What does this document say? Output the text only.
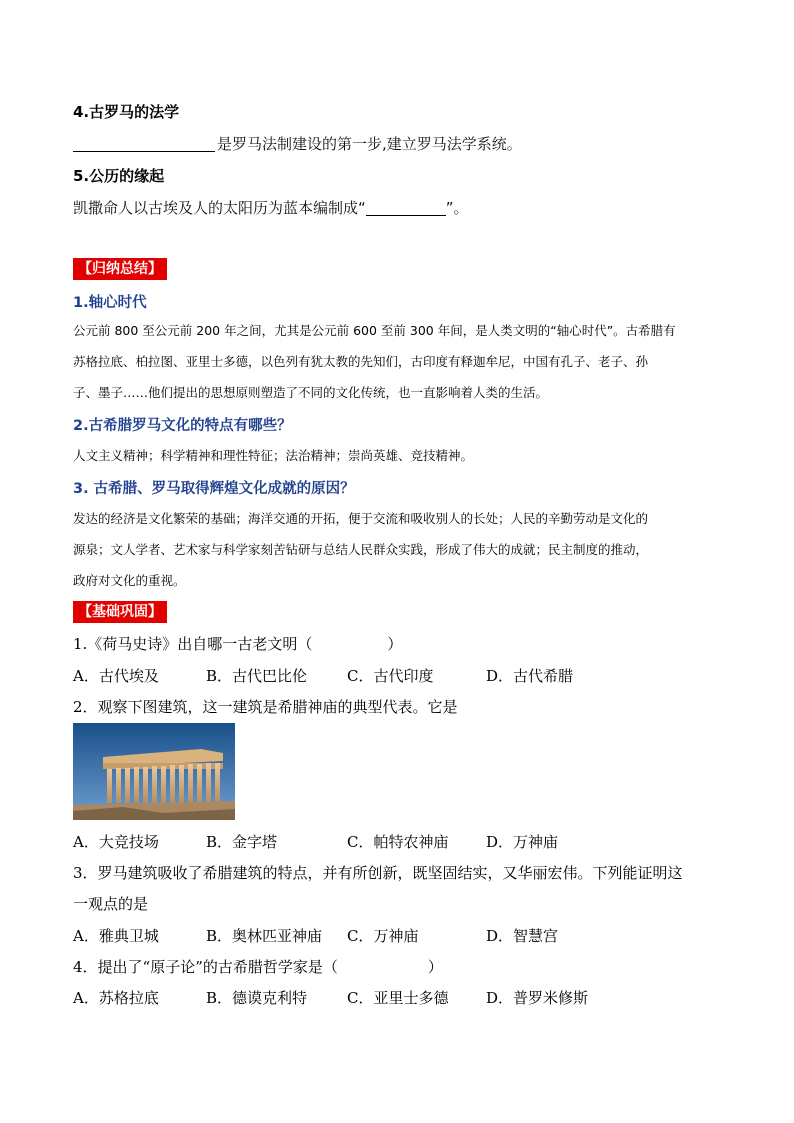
4.古罗马的法学
是罗马法制建设的第一步,建立罗马法学系统。
5.公历的缘起
凯撒命人以古埃及人的太阳历为蓝本编制成“	”。
【归纳总结】
1.轴心时代
公元前 800 至公元前 200 年之间，尤其是公元前 600 至前 300 年间，是人类文明的“轴心时代”。古希腊有
苏格拉底、柏拉图、亚里士多德，以色列有犹太教的先知们，古印度有释迦牟尼，中国有孔子、老子、孙
子、墨子……他们提出的思想原则塑造了不同的文化传统，也一直影响着人类的生活。
2.古希腊罗马文化的特点有哪些？
人文主义精神；科学精神和理性特征；法治精神；崇尚英雄、竞技精神。
3. 古希腊、罗马取得辉煌文化成就的原因？
发达的经济是文化繁荣的基础；海洋交通的开拓，便于交流和吸收别人的长处；人民的辛勤劳动是文化的
源泉；文人学者、艺术家与科学家刻苦钻研与总结人民群众实践，形成了伟大的成就；民主制度的推动，
政府对文化的重视。
【基础巩固】
1.《荷马史诗》出自哪一古老文明（　　　　　）
A．古代埃及	B．古代巴比伦	C．古代印度	D．古代希腊
2．观察下图建筑，这一建筑是希腊神庙的典型代表。它是
A．大竞技场	B．金字塔	C．帕特农神庙	D．万神庙
3．罗马建筑吸收了希腊建筑的特点，并有所创新，既坚固结实，又华丽宏伟。下列能证明这
一观点的是
A．雅典卫城	B．奥林匹亚神庙 C．万神庙	D．智慧宫
4．提出了“原子论”的古希腊哲学家是（　　　　　　）
A．苏格拉底	B．德谟克利特	C．亚里士多德	D．普罗米修斯
